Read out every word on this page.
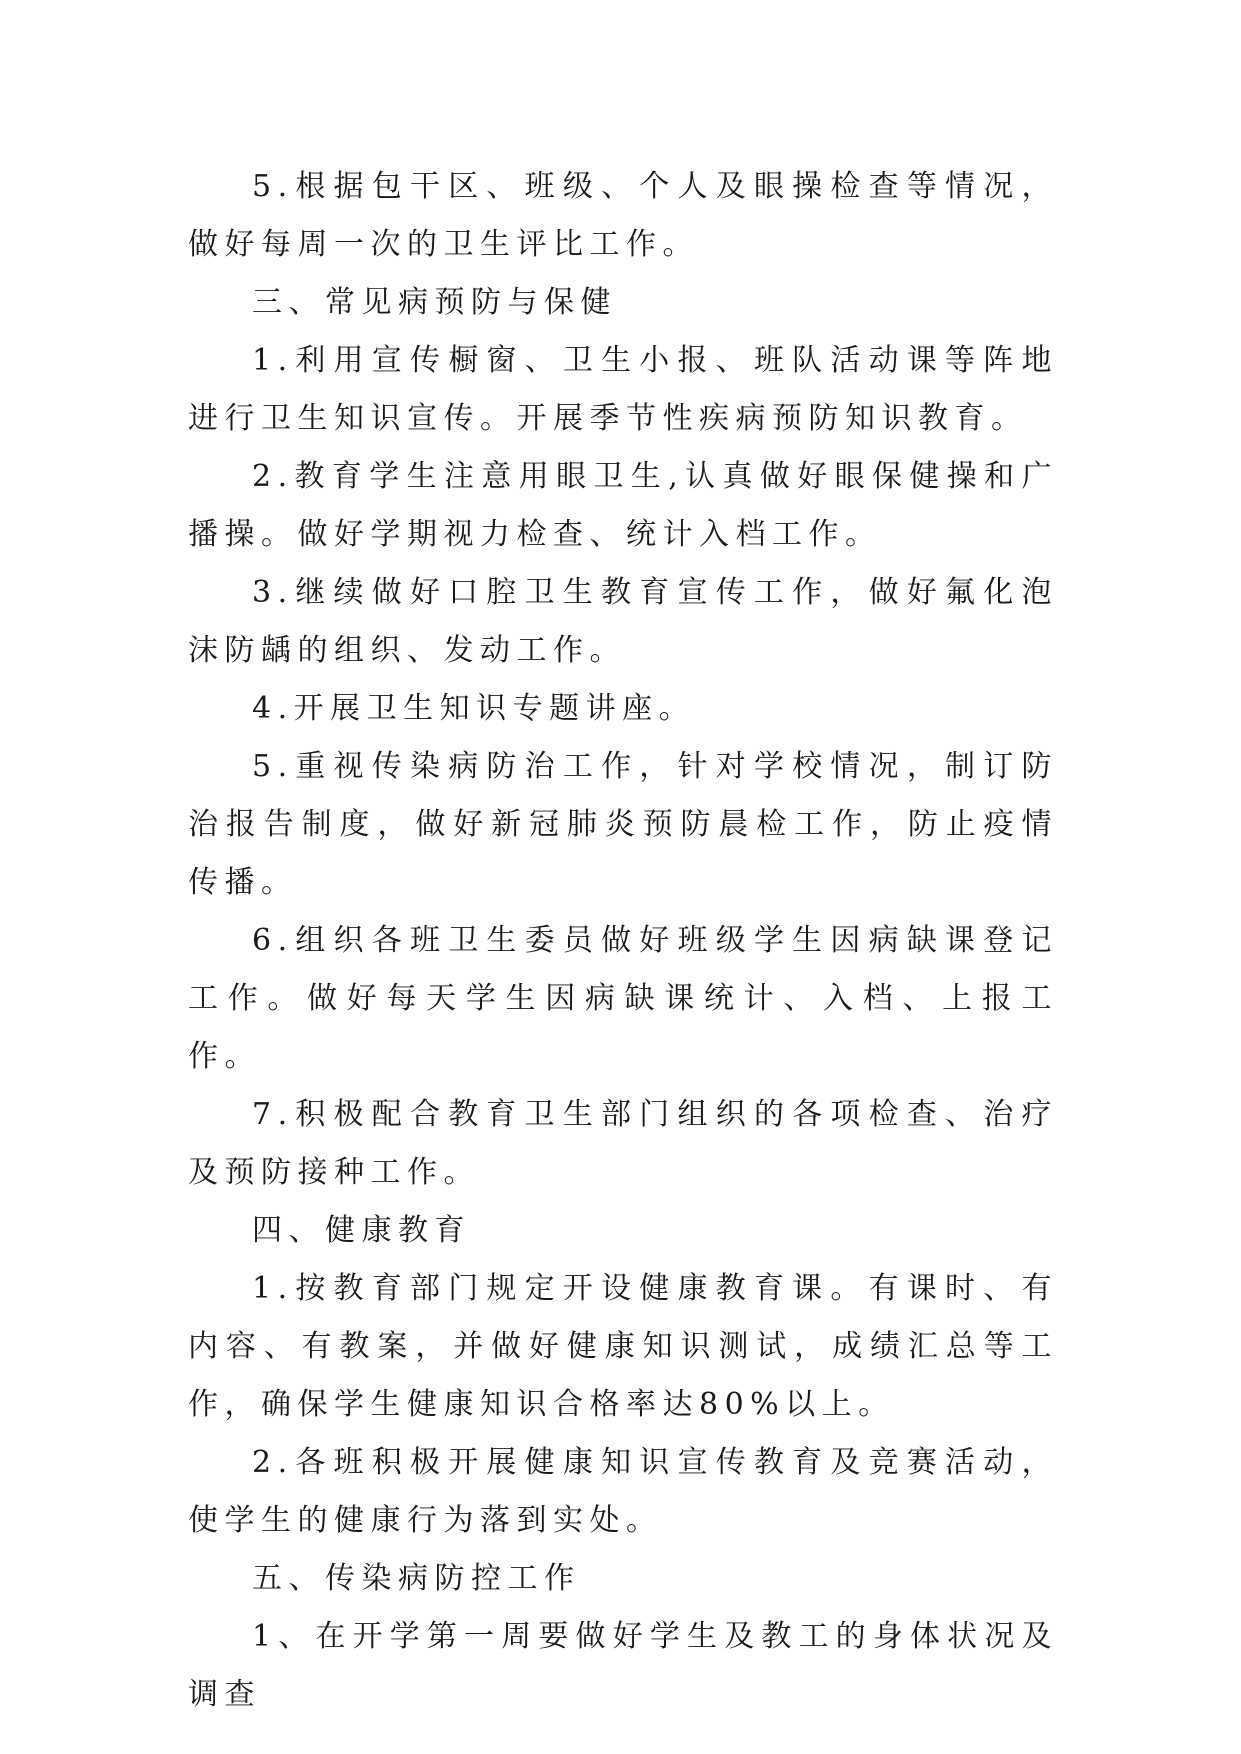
5.根据包干区、班级、个人及眼操检查等情况，做好每周一次的卫生评比工作。

三、常见病预防与保健

1.利用宣传橱窗、卫生小报、班队活动课等阵地进行卫生知识宣传。开展季节性疾病预防知识教育。

2.教育学生注意用眼卫生,认真做好眼保健操和广播操。做好学期视力检查、统计入档工作。

3.继续做好口腔卫生教育宣传工作，做好氟化泡沫防龋的组织、发动工作。

4.开展卫生知识专题讲座。

5.重视传染病防治工作，针对学校情况，制订防治报告制度，做好新冠肺炎预防晨检工作，防止疫情传播。

6.组织各班卫生委员做好班级学生因病缺课登记工作。做好每天学生因病缺课统计、入档、上报工作。

7.积极配合教育卫生部门组织的各项检查、治疗及预防接种工作。

四、健康教育

1.按教育部门规定开设健康教育课。有课时、有内容、有教案，并做好健康知识测试，成绩汇总等工作，确保学生健康知识合格率达80%以上。

2.各班积极开展健康知识宣传教育及竞赛活动，使学生的健康行为落到实处。

五、传染病防控工作

1、在开学第一周要做好学生及教工的身体状况及调查
